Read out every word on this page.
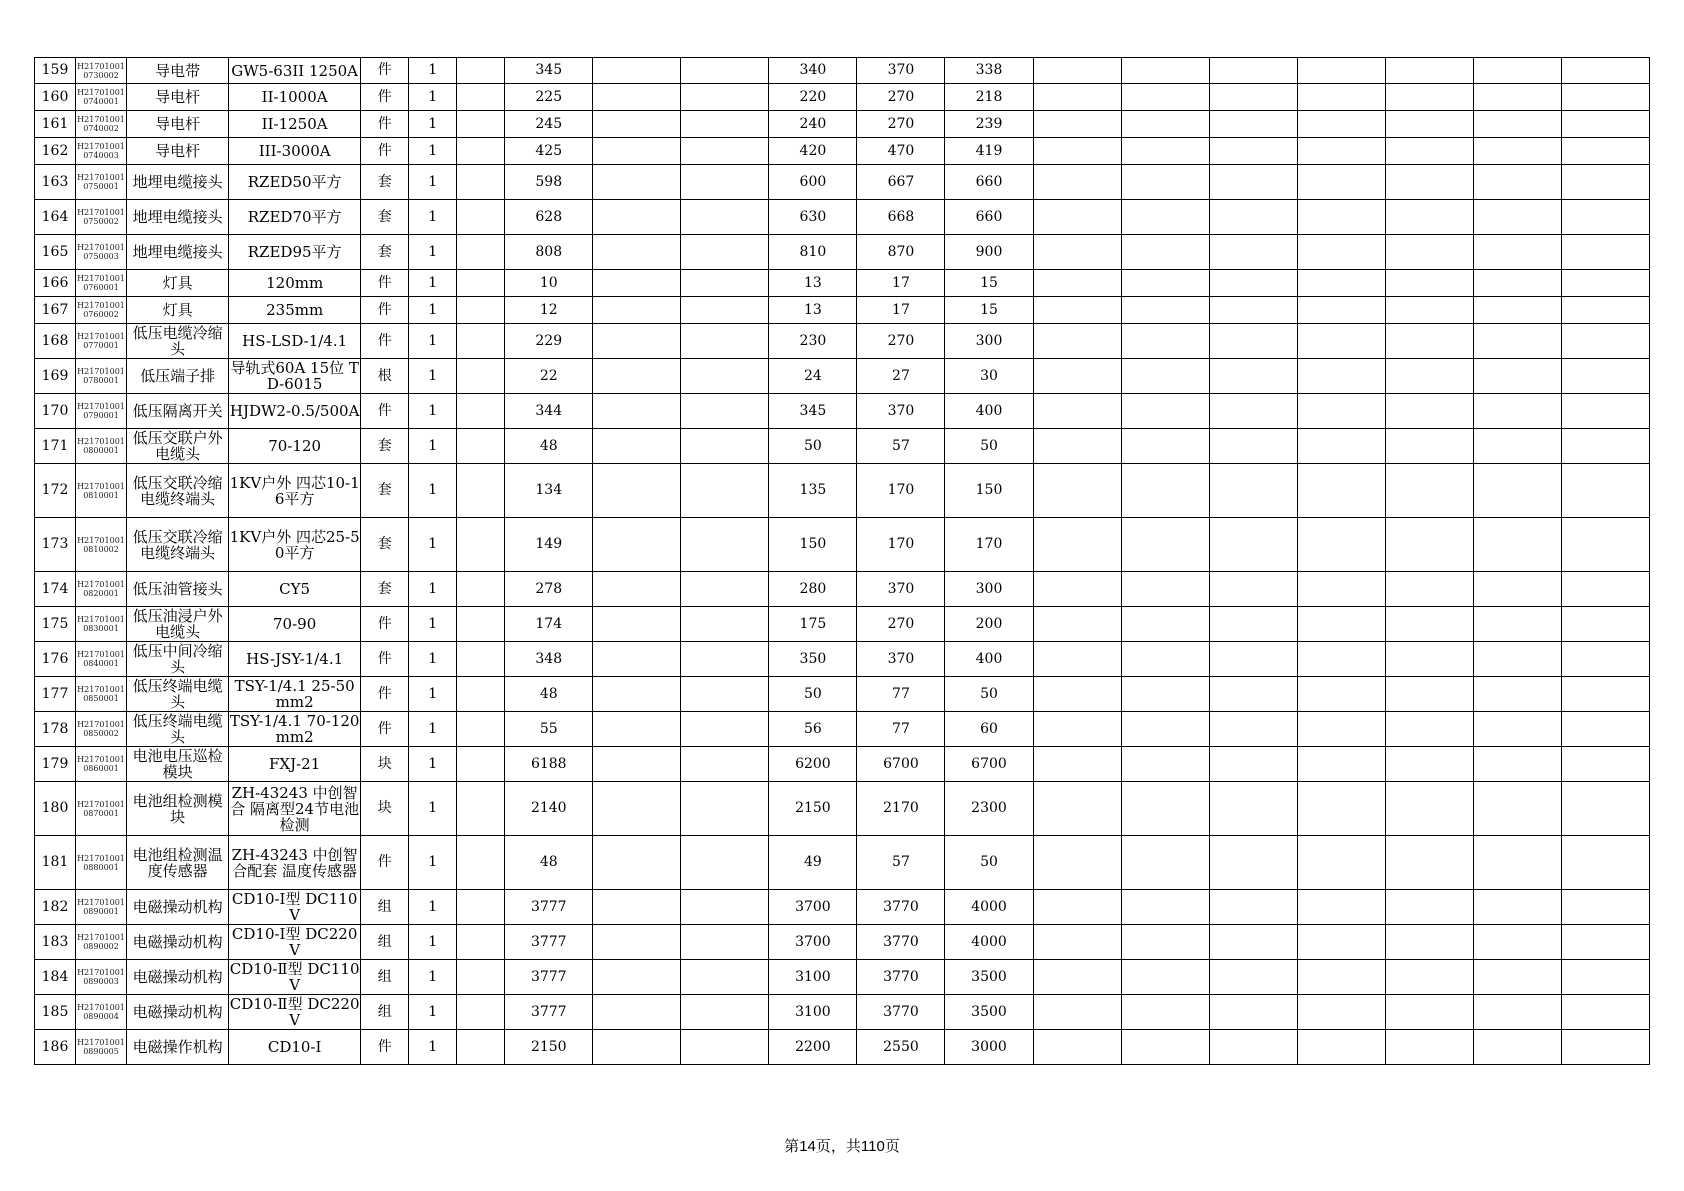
159	H217010010730002	导电带	GW5-63II 1250A	件	1		345			340	370	338							
160	H217010010740001	导电杆	II-1000A	件	1		225			220	270	218							
161	H217010010740002	导电杆	II-1250A	件	1		245			240	270	239							
162	H217010010740003	导电杆	III-3000A	件	1		425			420	470	419							
163	H217010010750001	地埋电缆接头	RZED50平方	套	1		598			600	667	660							
164	H217010010750002	地埋电缆接头	RZED70平方	套	1		628			630	668	660							
165	H217010010750003	地埋电缆接头	RZED95平方	套	1		808			810	870	900							
166	H217010010760001	灯具	120mm	件	1		10			13	17	15							
167	H217010010760002	灯具	235mm	件	1		12			13	17	15							
168	H217010010770001	低压电缆冷缩头	HS-LSD-1/4.1	件	1		229			230	270	300							
169	H217010010780001	低压端子排	导轨式60A 15位 TD-6015	根	1		22			24	27	30							
170	H217010010790001	低压隔离开关	HJDW2-0.5/500A	件	1		344			345	370	400							
171	H217010010800001	低压交联户外电缆头	70-120	套	1		48			50	57	50							
172	H217010010810001	低压交联冷缩电缆终端头	1KV户外 四芯10-16平方	套	1		134			135	170	150							
173	H217010010810002	低压交联冷缩电缆终端头	1KV户外 四芯25-50平方	套	1		149			150	170	170							
174	H217010010820001	低压油管接头	CY5	套	1		278			280	370	300							
175	H217010010830001	低压油浸户外电缆头	70-90	件	1		174			175	270	200							
176	H217010010840001	低压中间冷缩头	HS-JSY-1/4.1	件	1		348			350	370	400							
177	H217010010850001	低压终端电缆头	TSY-1/4.1 25-50mm2	件	1		48			50	77	50							
178	H217010010850002	低压终端电缆头	TSY-1/4.1 70-120mm2	件	1		55			56	77	60							
179	H217010010860001	电池电压巡检模块	FXJ-21	块	1		6188			6200	6700	6700							
180	H217010010870001	电池组检测模块	ZH-43243 中创智合 隔离型24节电池检测	块	1		2140			2150	2170	2300							
181	H217010010880001	电池组检测温度传感器	ZH-43243 中创智合配套 温度传感器	件	1		48			49	57	50							
182	H217010010890001	电磁操动机构	CD10-Ⅰ型 DC110V	组	1		3777			3700	3770	4000							
183	H217010010890002	电磁操动机构	CD10-Ⅰ型 DC220V	组	1		3777			3700	3770	4000							
184	H217010010890003	电磁操动机构	CD10-Ⅱ型 DC110V	组	1		3777			3100	3770	3500							
185	H217010010890004	电磁操动机构	CD10-Ⅱ型 DC220V	组	1		3777			3100	3770	3500							
186	H217010010890005	电磁操作机构	CD10-I	件	1		2150			2200	2550	3000							
第14页，共110页
